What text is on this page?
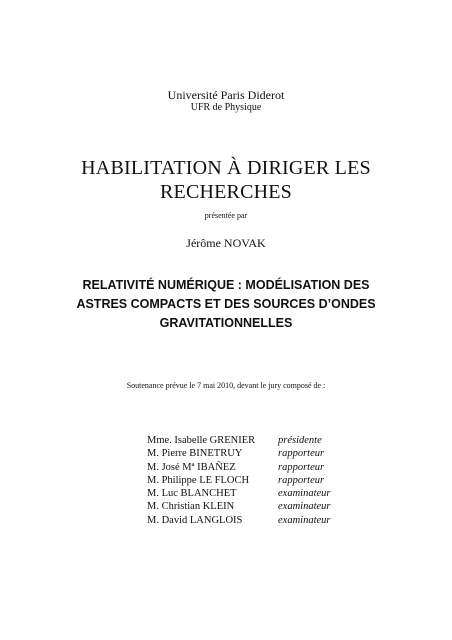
Université Paris Diderot
UFR de Physique
HABILITATION À DIRIGER LES
RECHERCHES
présentée par
Jérôme NOVAK
RELATIVITÉ NUMÉRIQUE : MODÉLISATION DES
ASTRES COMPACTS ET DES SOURCES D’ONDES
GRAVITATIONNELLES
Soutenance prévue le 7 mai 2010, devant le jury composé de :
Mme. Isabelle GRENIER	présidente
M. Pierre BINETRUY	rapporteur
M. José Mª IBAÑEZ	rapporteur
M. Philippe LE FLOCH	rapporteur
M. Luc BLANCHET	examinateur
M. Christian KLEIN	examinateur
M. David LANGLOIS	examinateur
